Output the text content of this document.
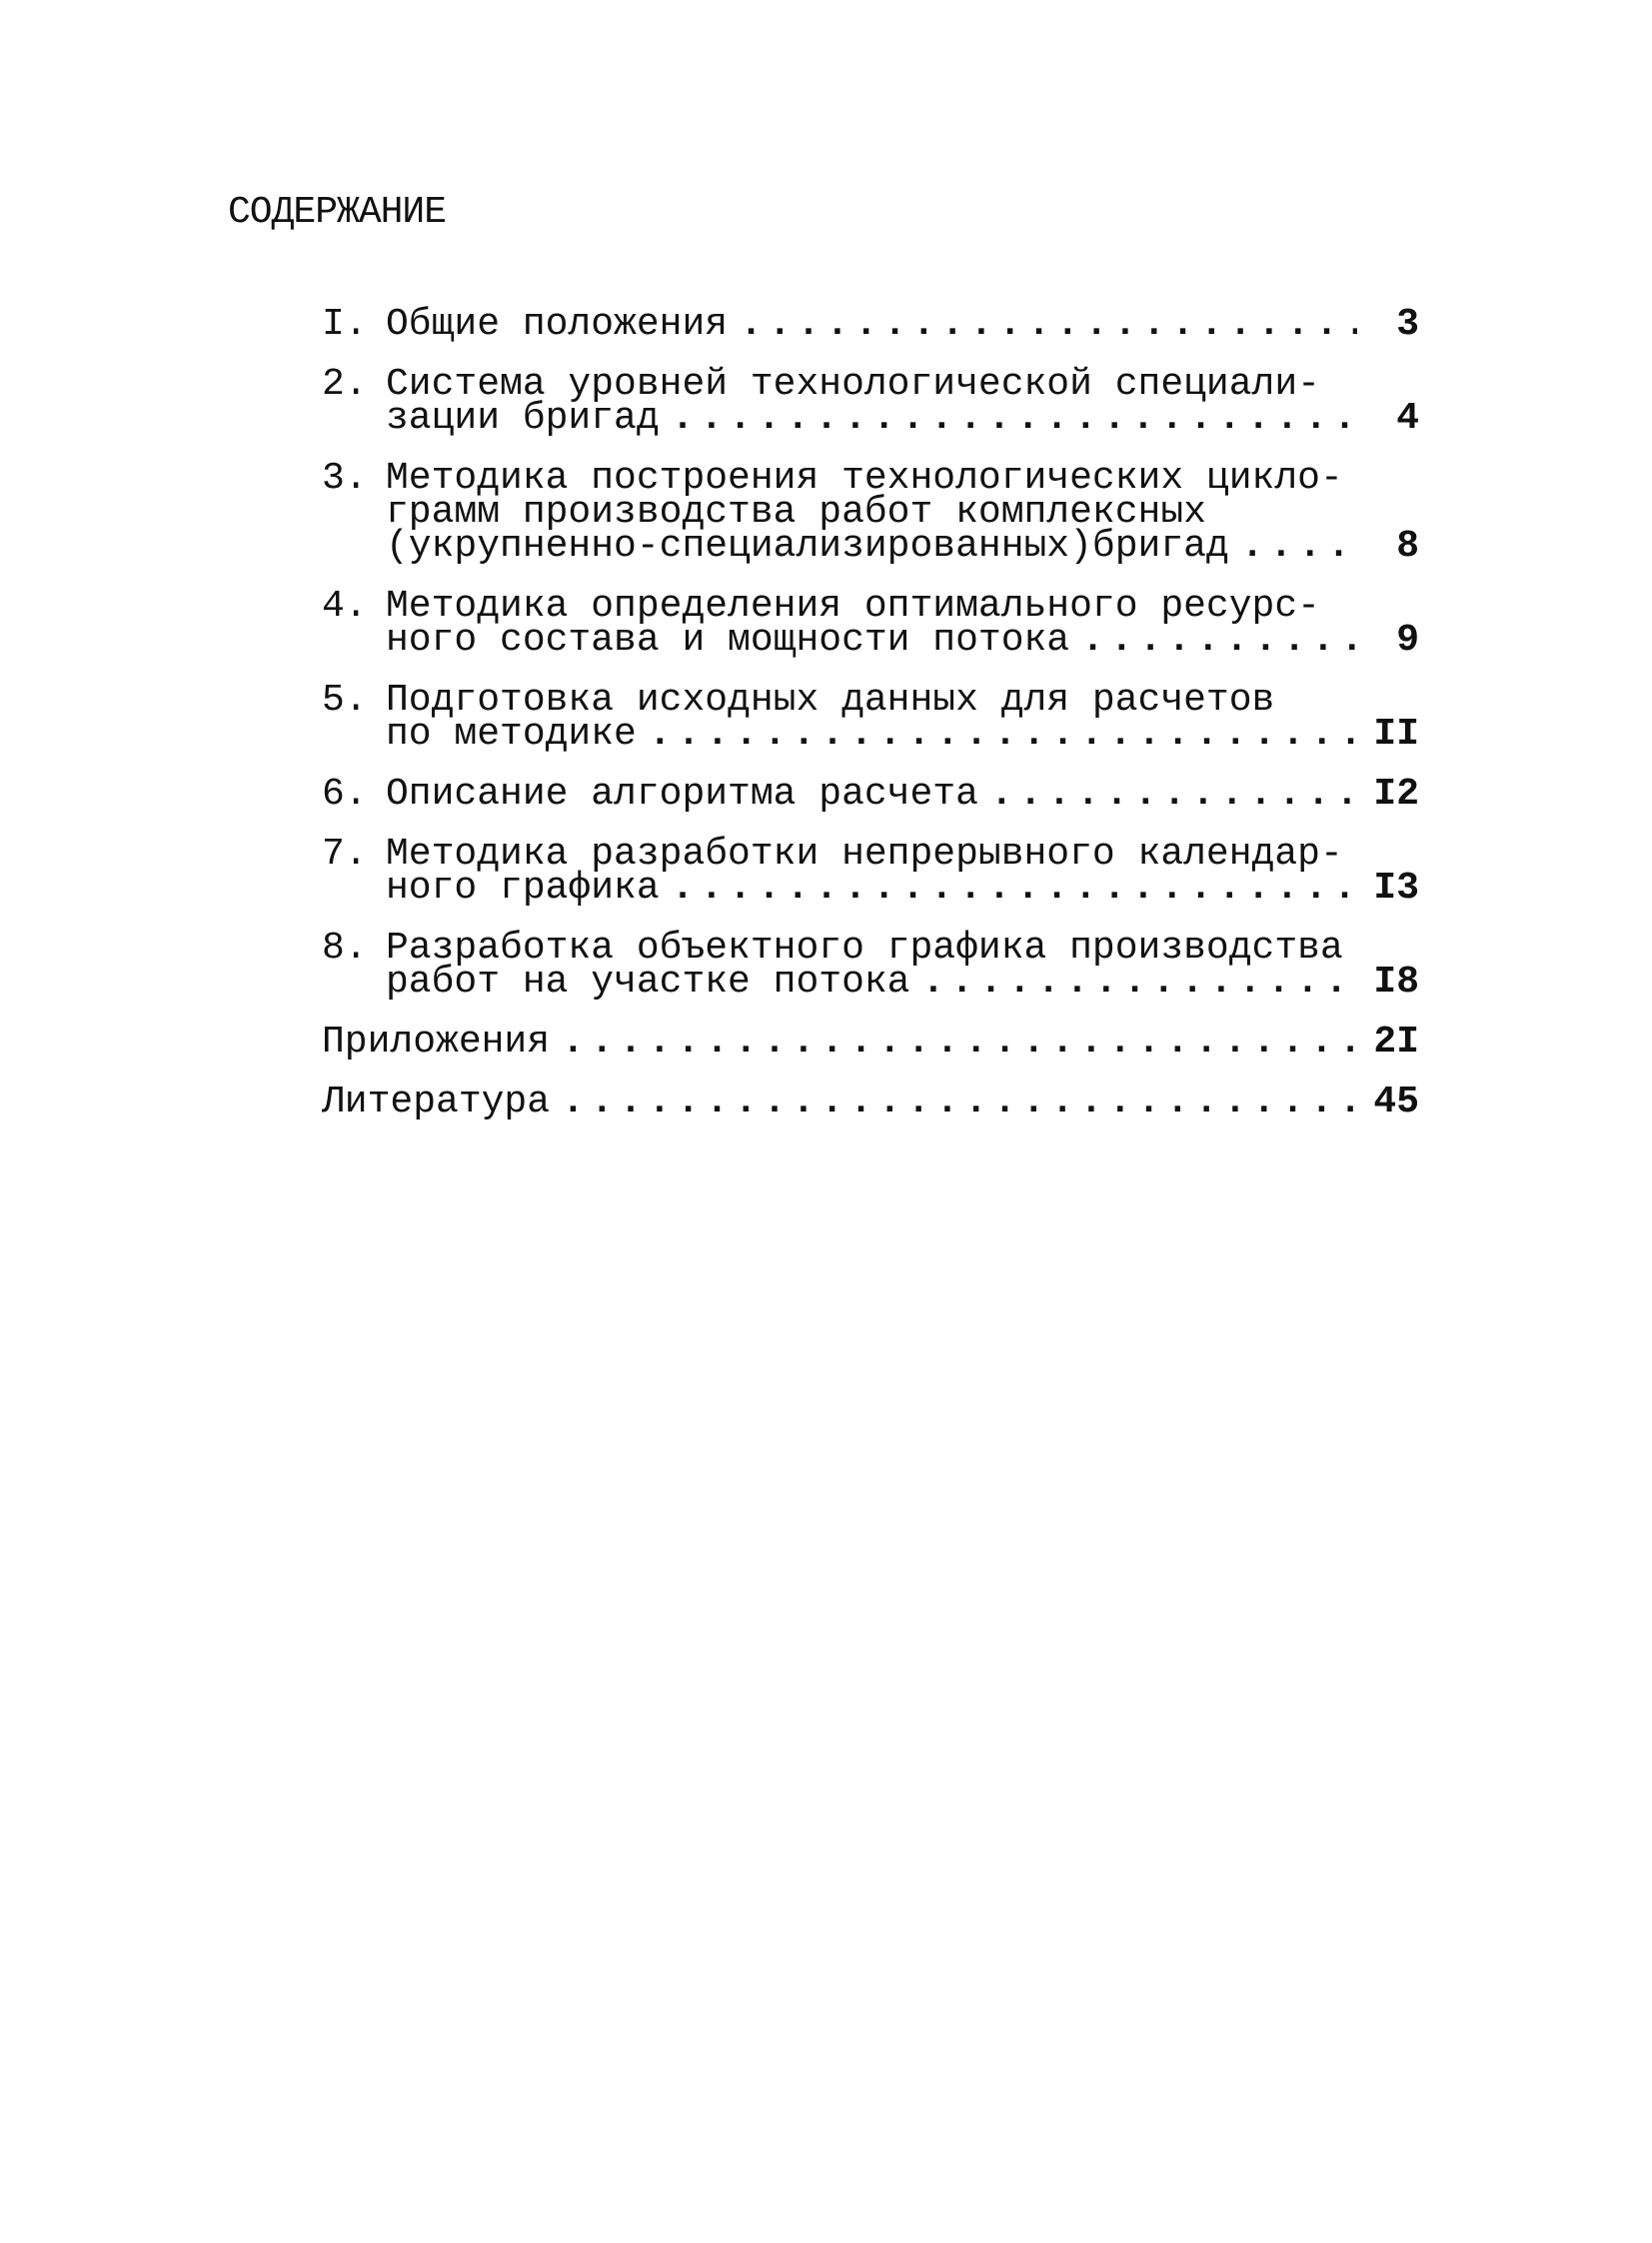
СОДЕРЖАНИЕ
I. Общие положения .....	3
2. Система уровней технологической специали-
зации бригад .....	4
3. Методика построения технологических цикло-
грамм производства работ комплексных
(укрупненно-специализированных)бригад .....	8
4. Методика определения оптимального ресурс-
ного состава и мощности потока .....	9
5. Подготовка исходных данных для расчетов
по методике .....	II
6. Описание алгоритма расчета .....	I2
7. Методика разработки непрерывного календар-
ного графика .....	I3
8. Разработка объектного графика производства
работ на участке потока .....	I8
Приложения .....	2I
Литература .....	45
